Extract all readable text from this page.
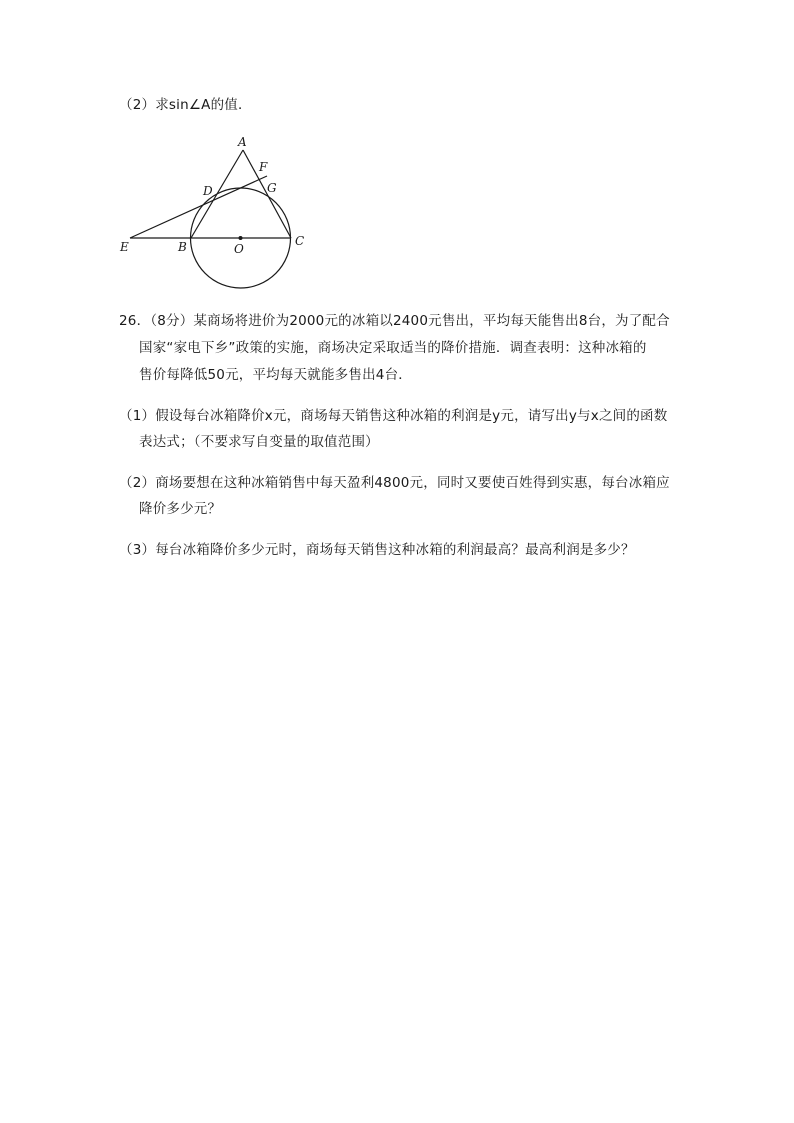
（2）求sin∠A的值．
A
F
D	G
E	B	O
C
26．（8分）某商场将进价为2000元的冰箱以2400元售出，平均每天能售出8台，为了配合
国家“家电下乡”政策的实施，商场决定采取适当的降价措施．调查表明：这种冰箱的
售价每降低50元，平均每天就能多售出4台．
（1）假设每台冰箱降价x元，商场每天销售这种冰箱的利润是y元，请写出y与x之间的函数
表达式；（不要求写自变量的取值范围）
（2）商场要想在这种冰箱销售中每天盈利4800元，同时又要使百姓得到实惠，每台冰箱应
降价多少元？
（3）每台冰箱降价多少元时，商场每天销售这种冰箱的利润最高？最高利润是多少？
